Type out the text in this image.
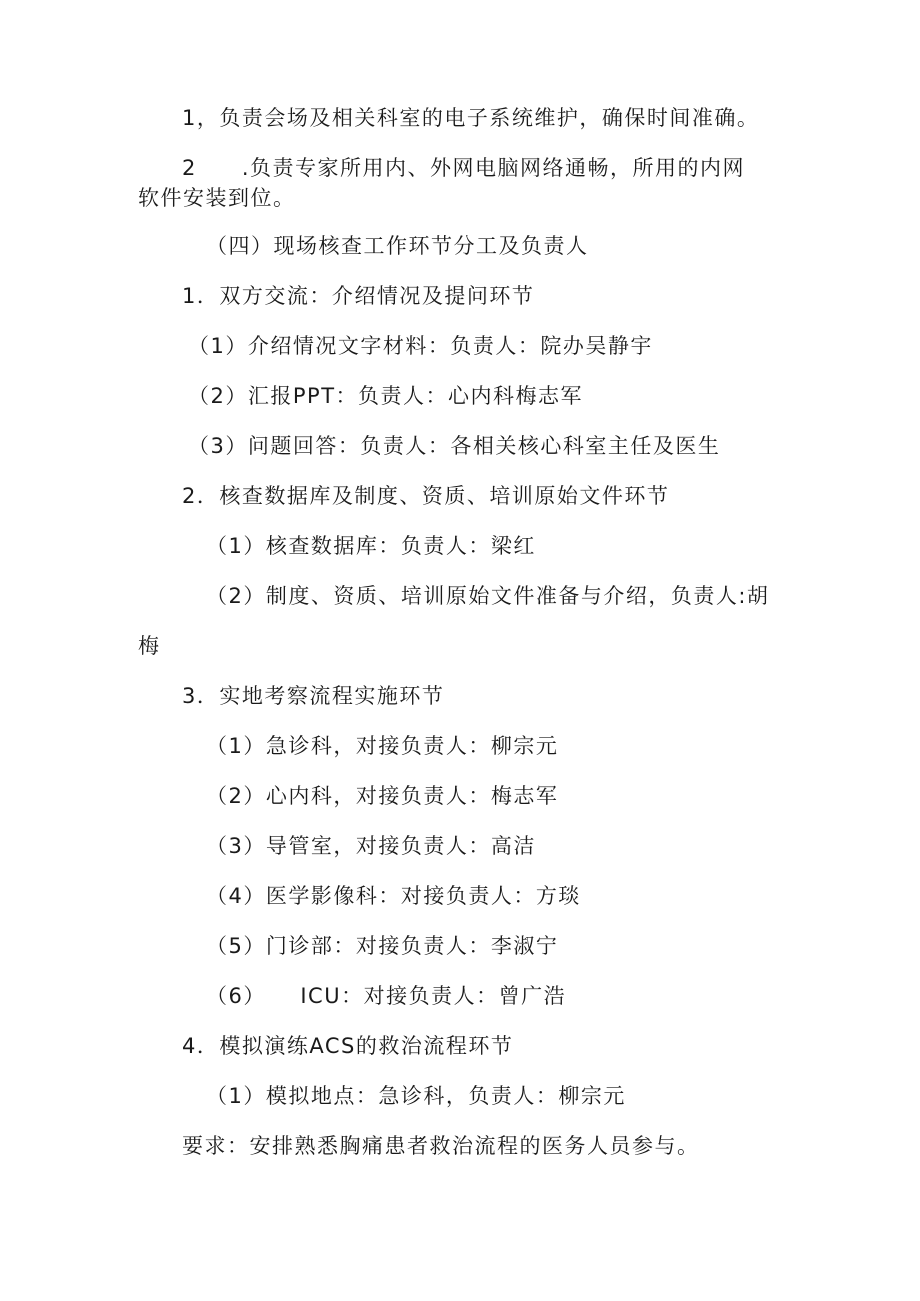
1，负责会场及相关科室的电子系统维护，确保时间准确。
2　　.负责专家所用内、外网电脑网络通畅，所用的内网
软件安装到位。
（四）现场核查工作环节分工及负责人
1．双方交流：介绍情况及提问环节
（1）介绍情况文字材料：负责人：院办吴静宇
（2）汇报PPT：负责人：心内科梅志军
（3）问题回答：负责人：各相关核心科室主任及医生
2．核查数据库及制度、资质、培训原始文件环节
（1）核查数据库：负责人：梁红
（2）制度、资质、培训原始文件准备与介绍，负责人:胡
梅
3．实地考察流程实施环节
（1）急诊科，对接负责人：柳宗元
（2）心内科，对接负责人：梅志军
（3）导管室，对接负责人：高洁
（4）医学影像科：对接负责人：方琰
（5）门诊部：对接负责人：李淑宁
（6）　　ICU：对接负责人：曾广浩
4．模拟演练ACS的救治流程环节
（1）模拟地点：急诊科，负责人：柳宗元
要求：安排熟悉胸痛患者救治流程的医务人员参与。
